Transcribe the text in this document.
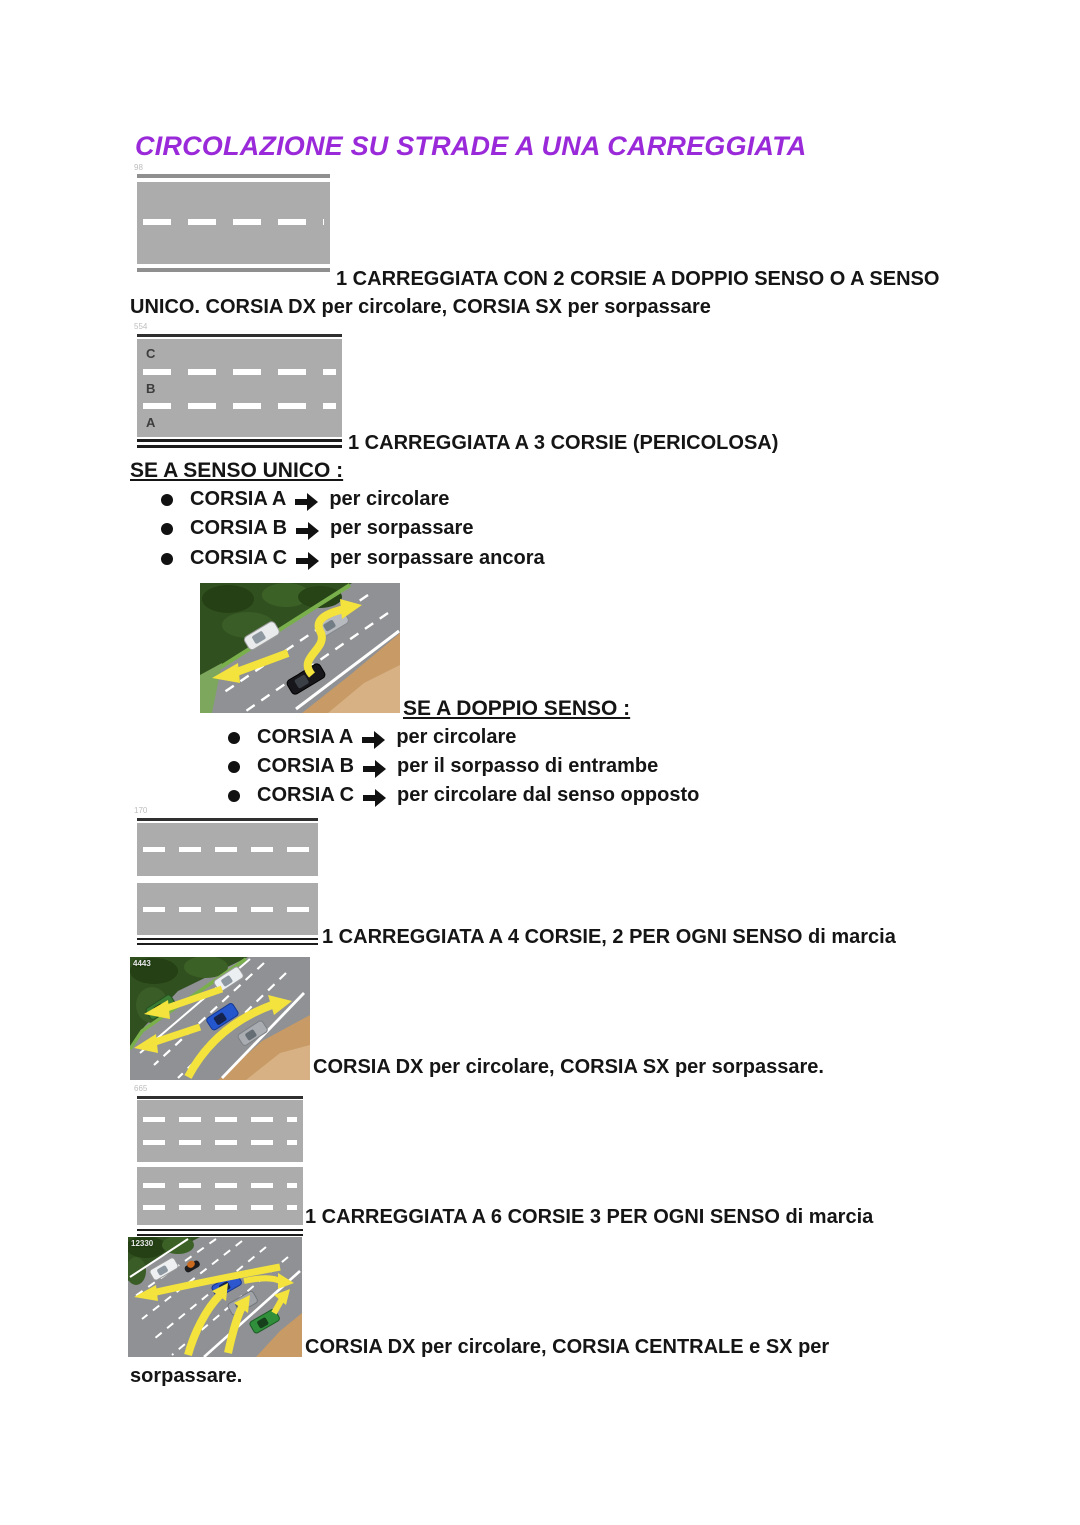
CIRCOLAZIONE SU STRADE A UNA CARREGGIATA
98
1 CARREGGIATA CON 2 CORSIE A DOPPIO SENSO O A SENSO
UNICO. CORSIA DX per circolare, CORSIA SX per sorpassare
554
C
B
A
1 CARREGGIATA A 3 CORSIE (PERICOLOSA)
SE A SENSO UNICO :
CORSIA A per circolare
CORSIA B per sorpassare
CORSIA C per sorpassare ancora
SE A DOPPIO SENSO :
CORSIA A per circolare
CORSIA B per il sorpasso di entrambe
CORSIA C per circolare dal senso opposto
170
1 CARREGGIATA A 4 CORSIE, 2 PER OGNI SENSO di marcia
4443
CORSIA DX per circolare, CORSIA SX per sorpassare.
665
1 CARREGGIATA A 6 CORSIE 3 PER OGNI SENSO di marcia
12330
CORSIA DX per circolare, CORSIA CENTRALE e SX per
sorpassare.
